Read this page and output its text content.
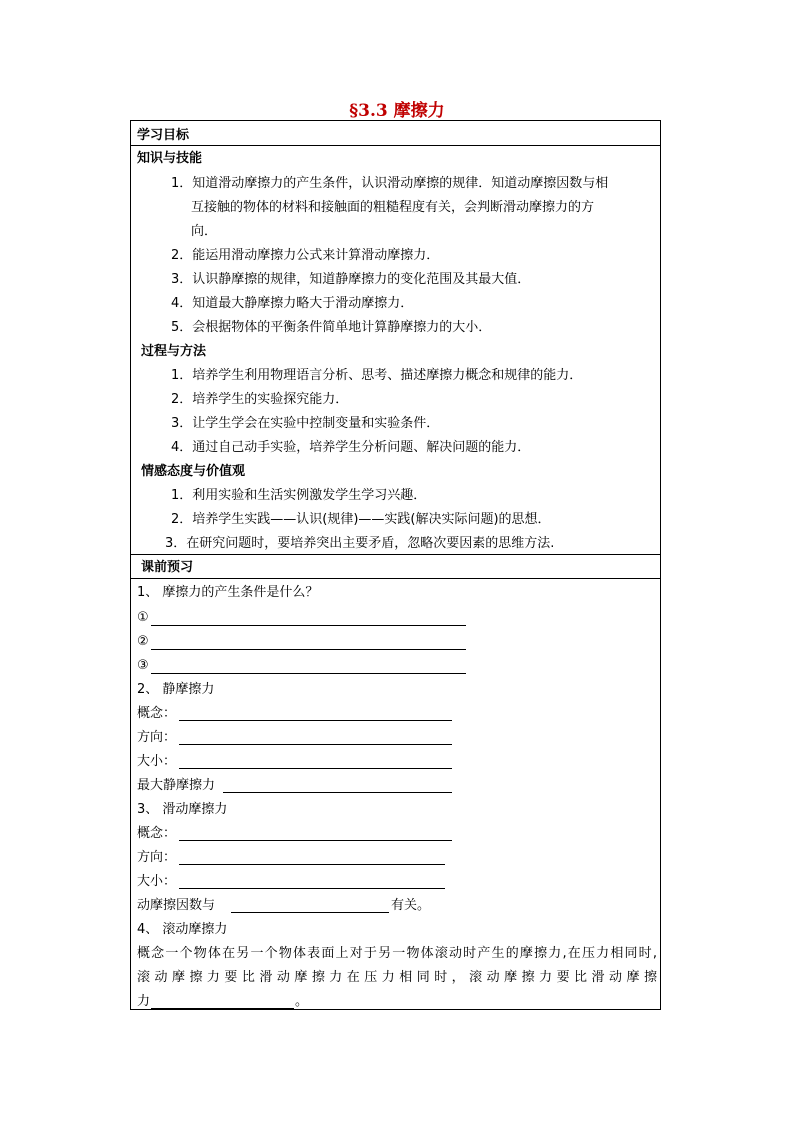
§3.3 摩擦力
学习目标
知识与技能
1．知道滑动摩擦力的产生条件，认识滑动摩擦的规律．知道动摩擦因数与相
互接触的物体的材料和接触面的粗糙程度有关，会判断滑动摩擦力的方
向．
2．能运用滑动摩擦力公式来计算滑动摩擦力．
3．认识静摩擦的规律，知道静摩擦力的变化范围及其最大值．
4．知道最大静摩擦力略大于滑动摩擦力．
5．会根据物体的平衡条件简单地计算静摩擦力的大小．
过程与方法
1．培养学生利用物理语言分析、思考、描述摩擦力概念和规律的能力．
2．培养学生的实验探究能力．
3．让学生学会在实验中控制变量和实验条件．
4．通过自己动手实验，培养学生分析问题、解决问题的能力．
情感态度与价值观
1．利用实验和生活实例激发学生学习兴趣．
2．培养学生实践——认识(规律)——实践(解决实际问题)的思想．
3．在研究问题时，要培养突出主要矛盾，忽略次要因素的思维方法.
课前预习
1、 摩擦力的产生条件是什么？
①
②
③
2、 静摩擦力
概念：
方向：
大小：
最大静摩擦力
3、 滑动摩擦力
概念：
方向：
大小：
动摩擦因数与	有关。
4、 滚动摩擦力
概念一个物体在另一个物体表面上对于另一物体滚动时产生的摩擦力,在压力相同时,
滚动摩擦力要比滑动摩擦力在压力相同时，滚动摩擦力要比滑动摩擦
力	。
